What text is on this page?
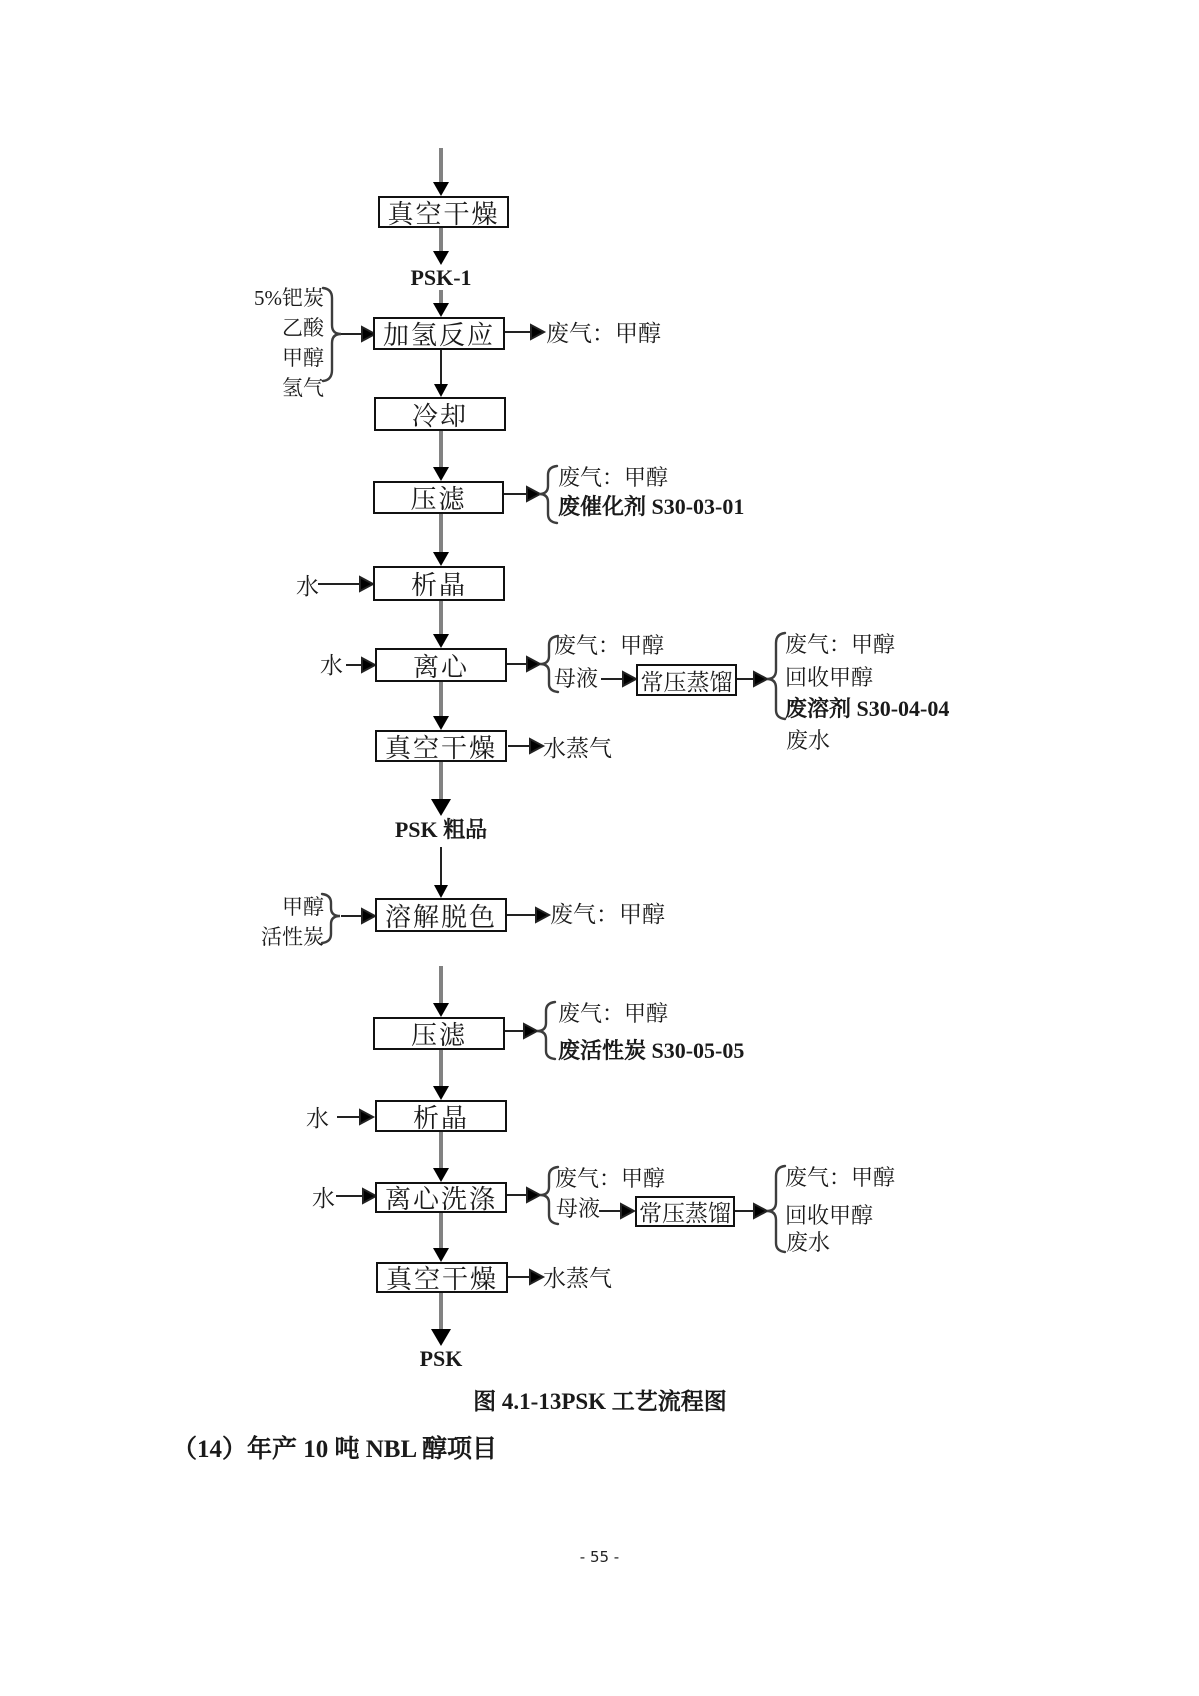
真空干燥
加氢反应
冷却
压滤
析晶
离心
常压蒸馏
真空干燥
溶解脱色
压滤
析晶
离心洗涤	常压蒸馏
真空干燥
PSK-1
PSK 粗品
PSK
5%钯炭
乙酸
甲醇
氢气
甲醇
活性炭
水
水
水
水
废气：甲醇
废气：甲醇
废催化剂 S30-03-01
废气：甲醇
母液
废气：甲醇
回收甲醇
废溶剂 S30-04-04
废水
水蒸气
废气：甲醇
废气：甲醇
废活性炭 S30-05-05
废气：甲醇
母液
废气：甲醇
回收甲醇
废水
水蒸气
图 4.1-13PSK 工艺流程图
（14）年产 10 吨 NBL 醇项目
- 55 -
